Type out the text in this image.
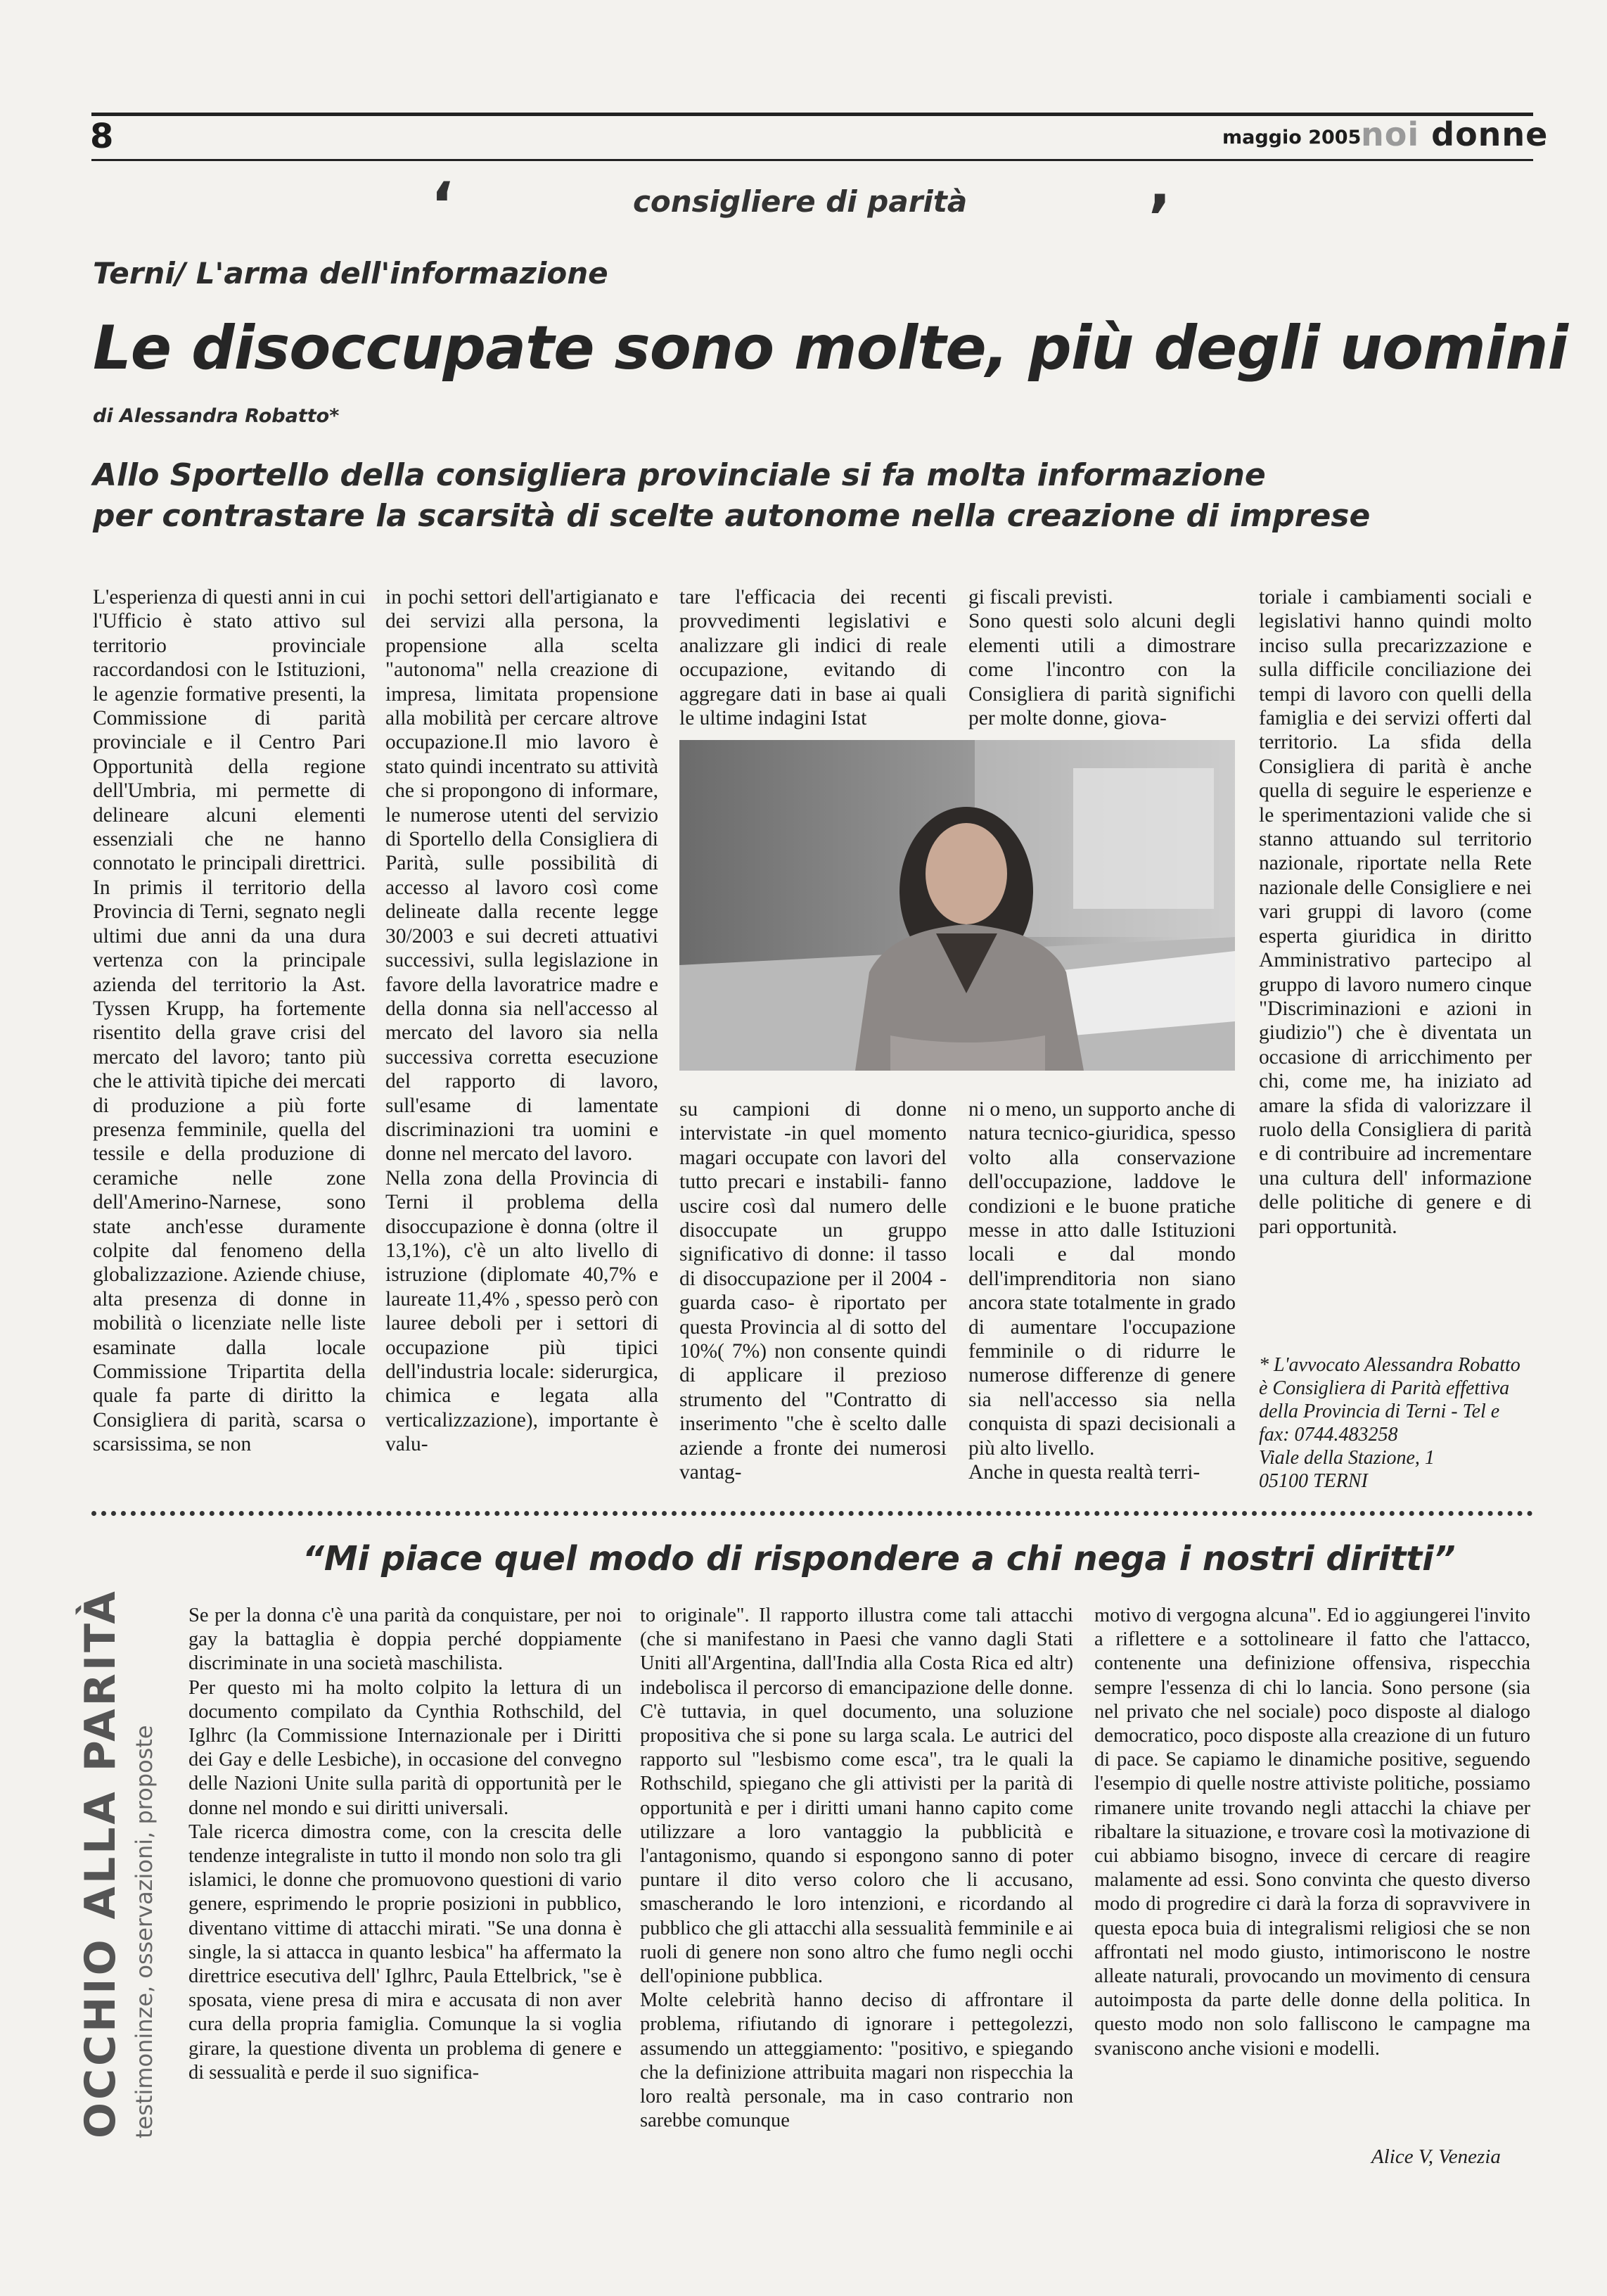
8	maggio 2005 noi donne
‘	consigliere di parità	’
Terni/ L'arma dell'informazione
Le disoccupate sono molte, più degli uomini
di Alessandra Robatto*
Allo Sportello della consigliera provinciale si fa molta informazione
per contrastare la scarsità di scelte autonome nella creazione di imprese
L'esperienza di questi anni in cui l'Ufficio è stato attivo sul territorio provinciale raccordandosi con le Istituzioni, le agenzie formative presenti, la Commissione di parità provinciale e il Centro Pari Opportunità della regione dell'Umbria, mi permette di delineare alcuni elementi essenziali che ne hanno connotato le principali direttrici. In primis il territorio della Provincia di Terni, segnato negli ultimi due anni da una dura vertenza con la principale azienda del territorio la Ast. Tyssen Krupp, ha fortemente risentito della grave crisi del mercato del lavoro; tanto più che le attività tipiche dei mercati di produzione a più forte presenza femminile, quella del tessile e della produzione di ceramiche nelle zone dell'Amerino-Narnese, sono state anch'esse duramente colpite dal fenomeno della globalizzazione. Aziende chiuse, alta presenza di donne in mobilità o licenziate nelle liste esaminate dalla locale Commissione Tripartita della quale fa parte di diritto la Consigliera di parità, scarsa o scarsissima, se non
in pochi settori dell'artigianato e dei servizi alla persona, la propensione alla scelta "autonoma" nella creazione di impresa, limitata propensione alla mobilità per cercare altrove occupazione.Il mio lavoro è stato quindi incentrato su attività che si propongono di informare, le numerose utenti del servizio di Sportello della Consigliera di Parità, sulle possibilità di accesso al lavoro così come delineate dalla recente legge 30/2003 e sui decreti attuativi successivi, sulla legislazione in favore della lavoratrice madre e della donna sia nell'accesso al mercato del lavoro sia nella successiva corretta esecuzione del rapporto di lavoro, sull'esame di lamentate discriminazioni tra uomini e donne nel mercato del lavoro.
Nella zona della Provincia di Terni il problema della disoccupazione è donna (oltre il 13,1%), c'è un alto livello di istruzione (diplomate 40,7% e laureate 11,4% , spesso però con lauree deboli per i settori di occupazione più tipici dell'industria locale: siderurgica, chimica e legata alla verticalizzazione), importante è valu-
tare l'efficacia dei recenti provvedimenti legislativi e analizzare gli indici di reale occupazione, evitando di aggregare dati in base ai quali le ultime indagini Istat
gi fiscali previsti.
Sono questi solo alcuni degli elementi utili a dimostrare come l'incontro con la Consigliera di parità significhi per molte donne, giova-
su campioni di donne intervistate -in quel momento magari occupate con lavori del tutto precari e instabili- fanno uscire così dal numero delle disoccupate un gruppo significativo di donne: il tasso di disoccupazione per il 2004 -guarda caso- è riportato per questa Provincia al di sotto del 10%( 7%) non consente quindi di applicare il prezioso strumento del "Contratto di inserimento "che è scelto dalle aziende a fronte dei numerosi vantag-
ni o meno, un supporto anche di natura tecnico-giuridica, spesso volto alla conservazione dell'occupazione, laddove le condizioni e le buone pratiche messe in atto dalle Istituzioni locali e dal mondo dell'imprenditoria non siano ancora state totalmente in grado di aumentare l'occupazione femminile o di ridurre le numerose differenze di genere sia nell'accesso sia nella conquista di spazi decisionali a più alto livello.
Anche in questa realtà terri-
toriale i cambiamenti sociali e legislativi hanno quindi molto inciso sulla precarizzazione e sulla difficile conciliazione dei tempi di lavoro con quelli della famiglia e dei servizi offerti dal territorio. La sfida della Consigliera di parità è anche quella di seguire le esperienze e le sperimentazioni valide che si stanno attuando sul territorio nazionale, riportate nella Rete nazionale delle Consigliere e nei vari gruppi di lavoro (come esperta giuridica in diritto Amministrativo partecipo al gruppo di lavoro numero cinque "Discriminazioni e azioni in giudizio") che è diventata un occasione di arricchimento per chi, come me, ha iniziato ad amare la sfida di valorizzare il ruolo della Consigliera di parità e di contribuire ad incrementare una cultura dell' informazione delle politiche di genere e di pari opportunità.
* L'avvocato Alessandra Robatto è Consigliera di Parità effettiva della Provincia di Terni - Tel e fax: 0744.483258
Viale della Stazione, 1
05100 TERNI
OCCHIO ALLA PARITÀ testimoninze, osservazioni, proposte
“Mi piace quel modo di rispondere a chi nega i nostri diritti”
Se per la donna c'è una parità da conquistare, per noi gay la battaglia è doppia perché doppiamente discriminate in una società maschilista.
Per questo mi ha molto colpito la lettura di un documento compilato da Cynthia Rothschild, del Iglhrc (la Commissione Internazionale per i Diritti dei Gay e delle Lesbiche), in occasione del convegno delle Nazioni Unite sulla parità di opportunità per le donne nel mondo e sui diritti universali.
Tale ricerca dimostra come, con la crescita delle tendenze integraliste in tutto il mondo non solo tra gli islamici, le donne che promuovono questioni di vario genere, esprimendo le proprie posizioni in pubblico, diventano vittime di attacchi mirati. "Se una donna è single, la si attacca in quanto lesbica" ha affermato la direttrice esecutiva dell' Iglhrc, Paula Ettelbrick, "se è sposata, viene presa di mira e accusata di non aver cura della propria famiglia. Comunque la si voglia girare, la questione diventa un problema di genere e di sessualità e perde il suo significa-
to originale". Il rapporto illustra come tali attacchi (che si manifestano in Paesi che vanno dagli Stati Uniti all'Argentina, dall'India alla Costa Rica ed altr) indebolisca il percorso di emancipazione delle donne. C'è tuttavia, in quel documento, una soluzione propositiva che si pone su larga scala. Le autrici del rapporto sul "lesbismo come esca", tra le quali la Rothschild, spiegano che gli attivisti per la parità di opportunità e per i diritti umani hanno capito come utilizzare a loro vantaggio la pubblicità e l'antagonismo, quando si espongono sanno di poter puntare il dito verso coloro che li accusano, smascherando le loro intenzioni, e ricordando al pubblico che gli attacchi alla sessualità femminile e ai ruoli di genere non sono altro che fumo negli occhi dell'opinione pubblica.
Molte celebrità hanno deciso di affrontare il problema, rifiutando di ignorare i pettegolezzi, assumendo un atteggiamento: "positivo, e spiegando che la definizione attribuita magari non rispecchia la loro realtà personale, ma in caso contrario non sarebbe comunque
motivo di vergogna alcuna". Ed io aggiungerei l'invito a riflettere e a sottolineare il fatto che l'attacco, contenente una definizione offensiva, rispecchia sempre l'essenza di chi lo lancia. Sono persone (sia nel privato che nel sociale) poco disposte al dialogo democratico, poco disposte alla creazione di un futuro di pace. Se capiamo le dinamiche positive, seguendo l'esempio di quelle nostre attiviste politiche, possiamo rimanere unite trovando negli attacchi la chiave per ribaltare la situazione, e trovare così la motivazione di cui abbiamo bisogno, invece di cercare di reagire malamente ad essi. Sono convinta che questo diverso modo di progredire ci darà la forza di sopravvivere in questa epoca buia di integralismi religiosi che se non affrontati nel modo giusto, intimoriscono le nostre alleate naturali, provocando un movimento di censura autoimposta da parte delle donne della politica. In questo modo non solo falliscono le campagne ma svaniscono anche visioni e modelli.
Alice V, Venezia
